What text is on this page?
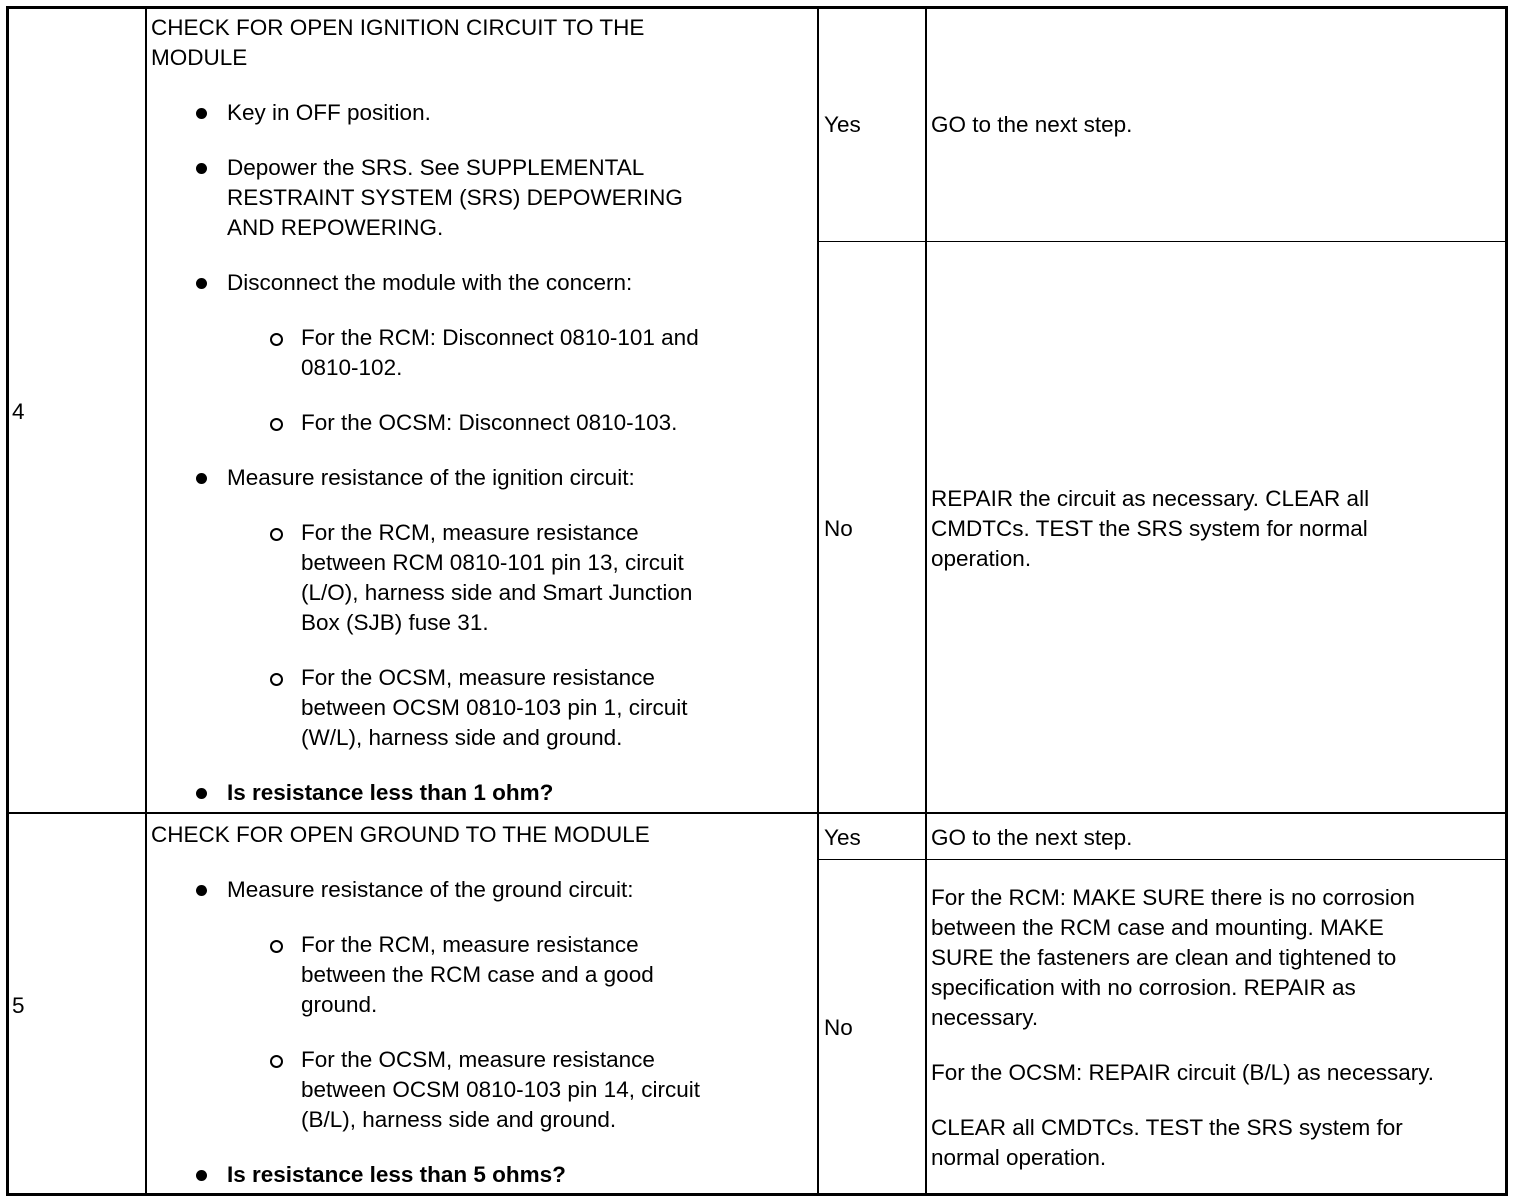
4
CHECK FOR OPEN IGNITION CIRCUIT TO THE
MODULE
Key in OFF position.
Depower the SRS. See SUPPLEMENTAL
RESTRAINT SYSTEM (SRS) DEPOWERING
AND REPOWERING.
Disconnect the module with the concern:
For the RCM: Disconnect 0810-101 and
0810-102.
For the OCSM: Disconnect 0810-103.
Measure resistance of the ignition circuit:
For the RCM, measure resistance
between RCM 0810-101 pin 13, circuit
(L/O), harness side and Smart Junction
Box (SJB) fuse 31.
For the OCSM, measure resistance
between OCSM 0810-103 pin 1, circuit
(W/L), harness side and ground.
Is resistance less than 1 ohm?
Yes	GO to the next step.
No
REPAIR the circuit as necessary. CLEAR all
CMDTCs. TEST the SRS system for normal
operation.
5
CHECK FOR OPEN GROUND TO THE MODULE
Measure resistance of the ground circuit:
For the RCM, measure resistance
between the RCM case and a good
ground.
For the OCSM, measure resistance
between OCSM 0810-103 pin 14, circuit
(B/L), harness side and ground.
Is resistance less than 5 ohms?
Yes	GO to the next step.
No
For the RCM: MAKE SURE there is no corrosion
between the RCM case and mounting. MAKE
SURE the fasteners are clean and tightened to
specification with no corrosion. REPAIR as
necessary.
For the OCSM: REPAIR circuit (B/L) as necessary.
CLEAR all CMDTCs. TEST the SRS system for
normal operation.
